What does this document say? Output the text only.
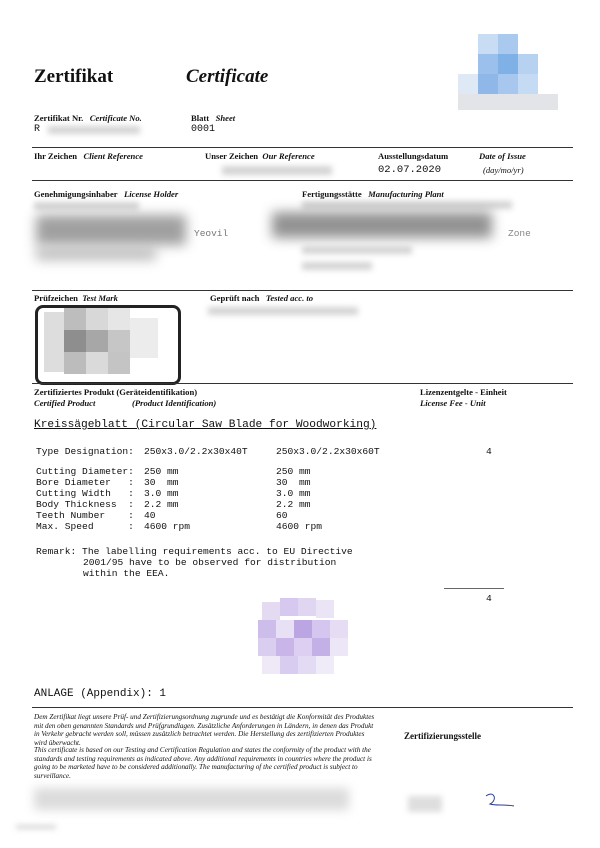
Zertifikat	Certificate
Zertifikat Nr. Certificate No.
R
Blatt Sheet
0001
Ihr Zeichen Client Reference	Unser Zeichen Our Reference	Ausstellungsdatum	Date of Issue
02.07.2020	(day/mo/yr)
Genehmigungsinhaber License Holder
Yeovil
Fertigungsstätte Manufacturing Plant
Zone
Prüfzeichen Test Mark	Geprüft nach Tested acc. to
Zertifiziertes Produkt (Geräteidentifikation)
Certified Product	(Product Identification)
Lizenzentgelte - Einheit
License Fee - Unit
Kreissägeblatt (Circular Saw Blade for Woodworking)
Type Designation: 250x3.0/2.2x30x40T	250x3.0/2.2x30x60T	4
Cutting Diameter: 250 mm	250 mm
Bore Diameter   : 30  mm	30  mm
Cutting Width   : 3.0 mm	3.0 mm
Body Thickness  : 2.2 mm	2.2 mm
Teeth Number    : 40	60
Max. Speed      : 4600 rpm	4600 rpm
Remark: The labelling requirements acc. to EU Directive
2001/95 have to be observed for distribution
within the EEA.
4
ANLAGE (Appendix): 1
Dem Zertifikat liegt unsere Prüf- und Zertifizierungsordnung zugrunde und es bestätigt die Konformität des Produktes mit den oben genannten Standards und Prüfgrundlagen. Zusätzliche Anforderungen in Ländern, in denen das Produkt in Verkehr gebracht werden soll, müssen zusätzlich betrachtet werden. Die Herstellung des zertifizierten Produktes wird überwacht.
This certificate is based on our Testing and Certification Regulation and states the conformity of the product with the standards and testing requirements as indicated above. Any additional requirements in countries where the product is going to be marketed have to be considered additionally. The manufacturing of the certified product is subject to surveillance.
Zertifizierungsstelle
